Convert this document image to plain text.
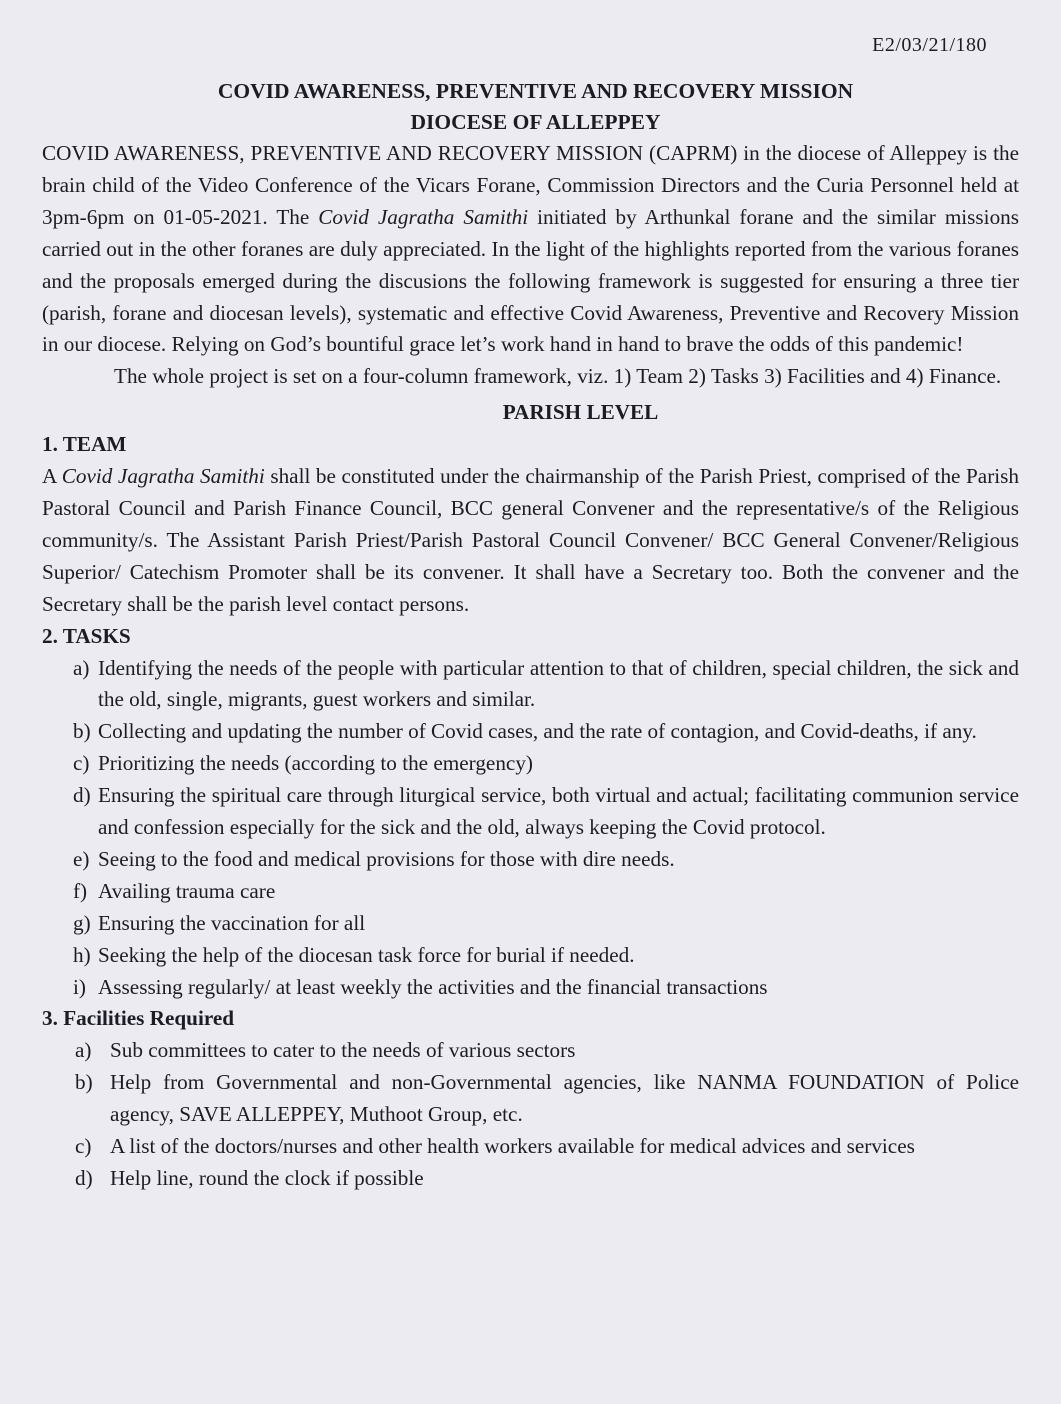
E2/03/21/180
COVID AWARENESS, PREVENTIVE AND RECOVERY MISSION
DIOCESE OF ALLEPPEY

COVID AWARENESS, PREVENTIVE AND RECOVERY MISSION (CAPRM) in the diocese of Alleppey is the brain child of the Video Conference of the Vicars Forane, Commission Directors and the Curia Personnel held at 3pm-6pm on 01-05-2021. The Covid Jagratha Samithi initiated by Arthunkal forane and the similar missions carried out in the other foranes are duly appreciated. In the light of the highlights reported from the various foranes and the proposals emerged during the discusions the following framework is suggested for ensuring a three tier (parish, forane and diocesan levels), systematic and effective Covid Awareness, Preventive and Recovery Mission in our diocese. Relying on God’s bountiful grace let’s work hand in hand to brave the odds of this pandemic!

The whole project is set on a four-column framework, viz. 1) Team 2) Tasks 3) Facilities and 4) Finance.

PARISH LEVEL
1. TEAM

A Covid Jagratha Samithi shall be constituted under the chairmanship of the Parish Priest, comprised of the Parish Pastoral Council and Parish Finance Council, BCC general Convener and the representative/s of the Religious community/s. The Assistant Parish Priest/Parish Pastoral Council Convener/ BCC General Convener/Religious Superior/ Catechism Promoter shall be its convener. It shall have a Secretary too. Both the convener and the Secretary shall be the parish level contact persons.

2. TASKS
a) Identifying the needs of the people with particular attention to that of children, special children, the sick and the old, single, migrants, guest workers and similar.
b) Collecting and updating the number of Covid cases, and the rate of contagion, and Covid-deaths, if any.
c) Prioritizing the needs (according to the emergency)
d) Ensuring the spiritual care through liturgical service, both virtual and actual; facilitating communion service and confession especially for the sick and the old, always keeping the Covid protocol.
e) Seeing to the food and medical provisions for those with dire needs.
f) Availing trauma care
g) Ensuring the vaccination for all
h) Seeking the help of the diocesan task force for burial if needed.
i) Assessing regularly/ at least weekly the activities and the financial transactions
3. Facilities Required
a) Sub committees to cater to the needs of various sectors
b) Help from Governmental and non-Governmental agencies, like NANMA FOUNDATION of Police agency, SAVE ALLEPPEY, Muthoot Group, etc.
c) A list of the doctors/nurses and other health workers available for medical advices and services
d) Help line, round the clock if possible
